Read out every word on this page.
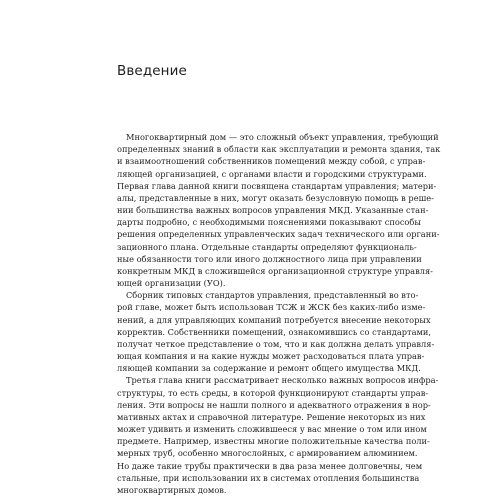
Введение
Многоквартирный дом — это сложный объект управления, требующий
определенных знаний в области как эксплуатации и ремонта здания, так
и взаимоотношений собственников помещений между собой, с управ-
ляющей организацией, с органами власти и городскими структурами.
Первая глава данной книги посвящена стандартам управления; матери-
алы, представленные в них, могут оказать безусловную помощь в реше-
нии большинства важных вопросов управления МКД. Указанные стан-
дарты подробно, с необходимыми пояснениями показывают способы
решения определенных управленческих задач технического или органи-
зационного плана. Отдельные стандарты определяют функциональ-
ные обязанности того или иного должностного лица при управлении
конкретным МКД в сложившейся организационной структуре управля-
ющей организации (УО).
Сборник типовых стандартов управления, представленный во вто-
рой главе, может быть использован ТСЖ и ЖСК без каких-либо изме-
нений, а для управляющих компаний потребуется внесение некоторых
корректив. Собственники помещений, ознакомившись со стандартами,
получат четкое представление о том, что и как должна делать управля-
ющая компания и на какие нужды может расходоваться плата управ-
ляющей компании за содержание и ремонт общего имущества МКД.
Третья глава книги рассматривает несколько важных вопросов инфра-
структуры, то есть среды, в которой функционируют стандарты управ-
ления. Эти вопросы не нашли полного и адекватного отражения в нор-
мативных актах и справочной литературе. Решение некоторых из них
может удивить и изменить сложившееся у вас мнение о том или ином
предмете. Например, известны многие положительные качества поли-
мерных труб, особенно многослойных, с армированием алюминием.
Но даже такие трубы практически в два раза менее долговечны, чем
стальные, при использовании их в системах отопления большинства
многоквартирных домов.
